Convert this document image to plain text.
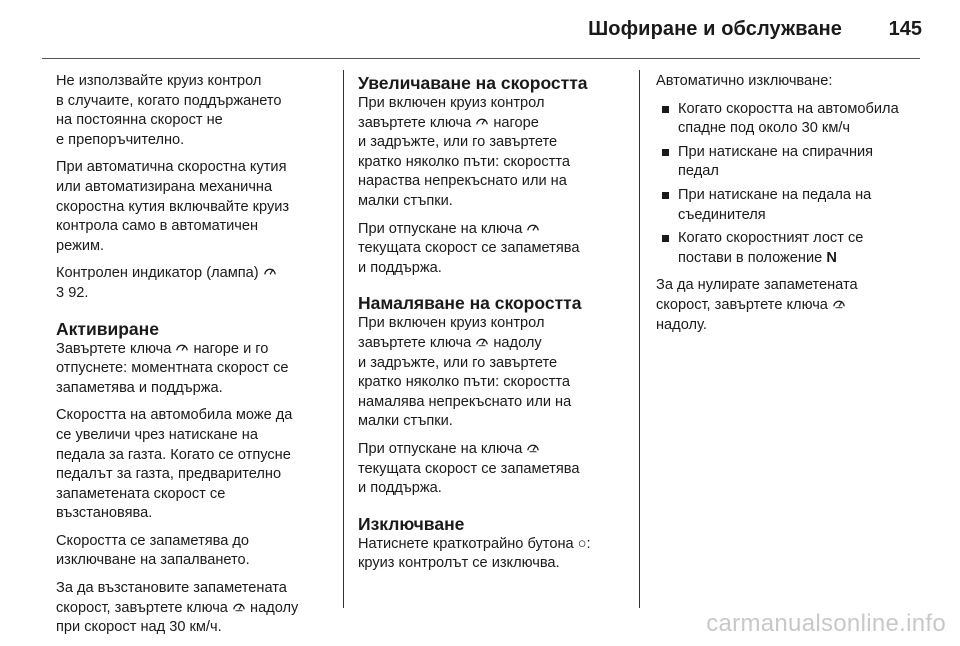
Шофиране и обслужване 145

Не използвайте круиз контрол
в случаите, когато поддържането
на постоянна скорост не
е препоръчително.

При автоматична скоростна кутия
или автоматизирана механична
скоростна кутия включвайте круиз
контрола само в автоматичен
режим.

Контролен индикатор (лампа)
3 92.

Активиране

Завъртете ключа нагоре и го
отпуснете: моментната скорост се
запаметява и поддържа.

Скоростта на автомобила може да
се увеличи чрез натискане на
педала за газта. Когато се отпусне
педалът за газта, предварително
запаметената скорост се
възстановява.

Скоростта се запаметява до
изключване на запалването.

За да възстановите запаметената
скорост, завъртете ключа надолу
при скорост над 30 км/ч.

Увеличаване на скоростта

При включен круиз контрол
завъртете ключа нагоре
и задръжте, или го завъртете
кратко няколко пъти: скоростта
нараства непрекъснато или на
малки стъпки.

При отпускане на ключа
текущата скорост се запаметява
и поддържа.

Намаляване на скоростта

При включен круиз контрол
завъртете ключа надолу
и задръжте, или го завъртете
кратко няколко пъти: скоростта
намалява непрекъснато или на
малки стъпки.

При отпускане на ключа
текущата скорост се запаметява
и поддържа.

Изключване

Натиснете краткотрайно бутона ○:
круиз контролът се изключва.

Автоматично изключване:

Когато скоростта на автомобила
спадне под около 30 км/ч
При натискане на спирачния
педал
При натискане на педала на
съединителя
Когато скоростният лост се
постави в положение N

За да нулирате запаметената
скорост, завъртете ключа
надолу.

carmanualsonline.info
